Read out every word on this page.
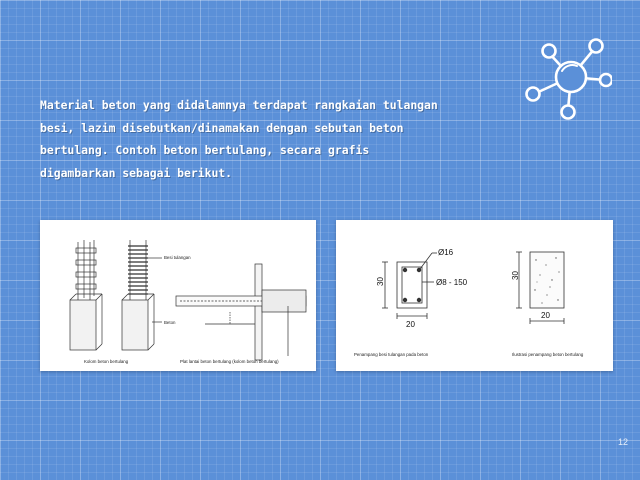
Material beton yang didalamnya terdapat rangkaian tulangan
besi, lazim disebutkan/dinamakan dengan sebutan beton
bertulang. Contoh beton bertulang, secara grafis
digambarkan sebagai berikut.

Besi tulangan
Beton
Kolom beton bertulang	Plat lantai beton bertulang (kolom beton bertulang)
Ø16
Ø8 - 150
30
20
30
20
Penampang besi tulangan pada beton	Ilustrasi penampang beton bertulang
12
